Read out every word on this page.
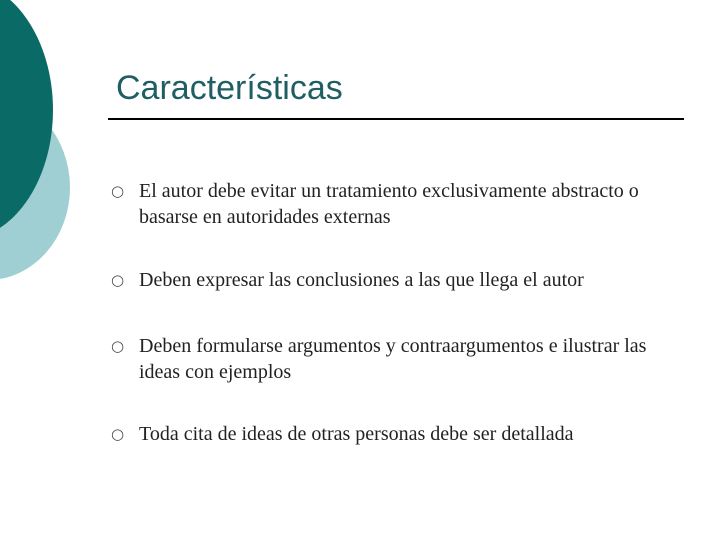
Características
○ El autor debe evitar un tratamiento exclusivamente abstracto o basarse en autoridades externas
○ Deben expresar las conclusiones a las que llega el autor
○ Deben formularse argumentos y contraargumentos e ilustrar las ideas con ejemplos
○ Toda cita de ideas de otras personas debe ser detallada
